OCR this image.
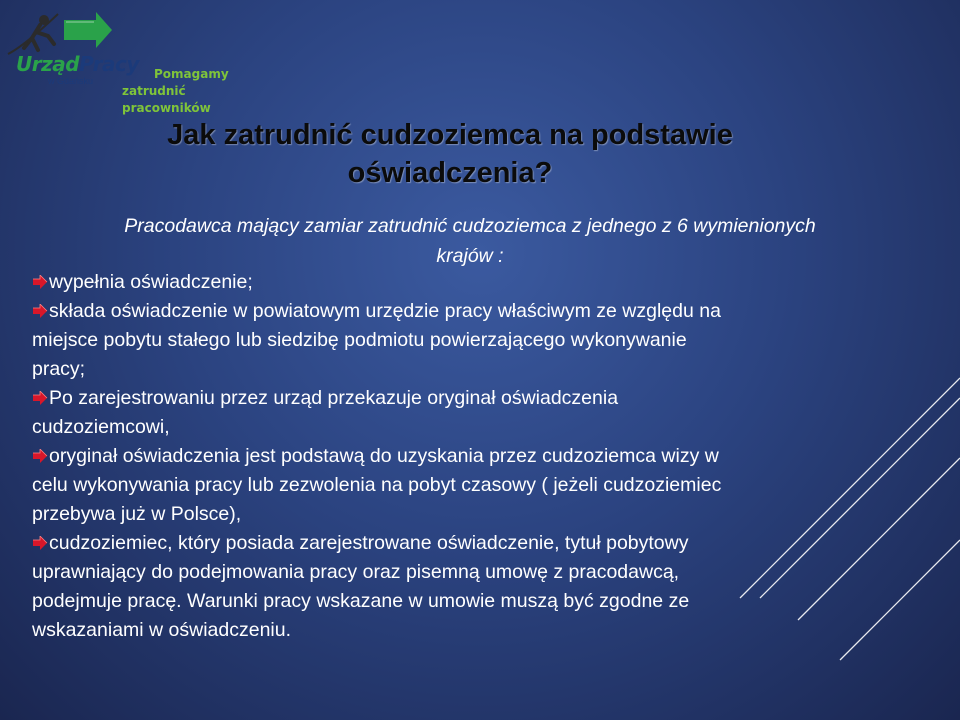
UrządPracy
w Gdańsku	Pomagamy
zatrudnić pracowników
Jak zatrudnić cudzoziemca na podstawie
oświadczenia?
Pracodawca mający zamiar zatrudnić cudzoziemca z jednego z 6 wymienionych
krajów :
wypełnia oświadczenie;
składa oświadczenie w powiatowym urzędzie pracy właściwym ze względu na
miejsce pobytu stałego lub siedzibę podmiotu powierzającego wykonywanie
pracy;
Po zarejestrowaniu przez urząd przekazuje oryginał oświadczenia
cudzoziemcowi,
oryginał oświadczenia jest podstawą do uzyskania przez cudzoziemca wizy w
celu wykonywania pracy lub zezwolenia na pobyt czasowy ( jeżeli cudzoziemiec
przebywa już w Polsce),
cudzoziemiec, który posiada zarejestrowane oświadczenie, tytuł pobytowy
uprawniający do podejmowania pracy oraz pisemną umowę z pracodawcą,
podejmuje pracę. Warunki pracy wskazane w umowie muszą być zgodne ze
wskazaniami w oświadczeniu.
